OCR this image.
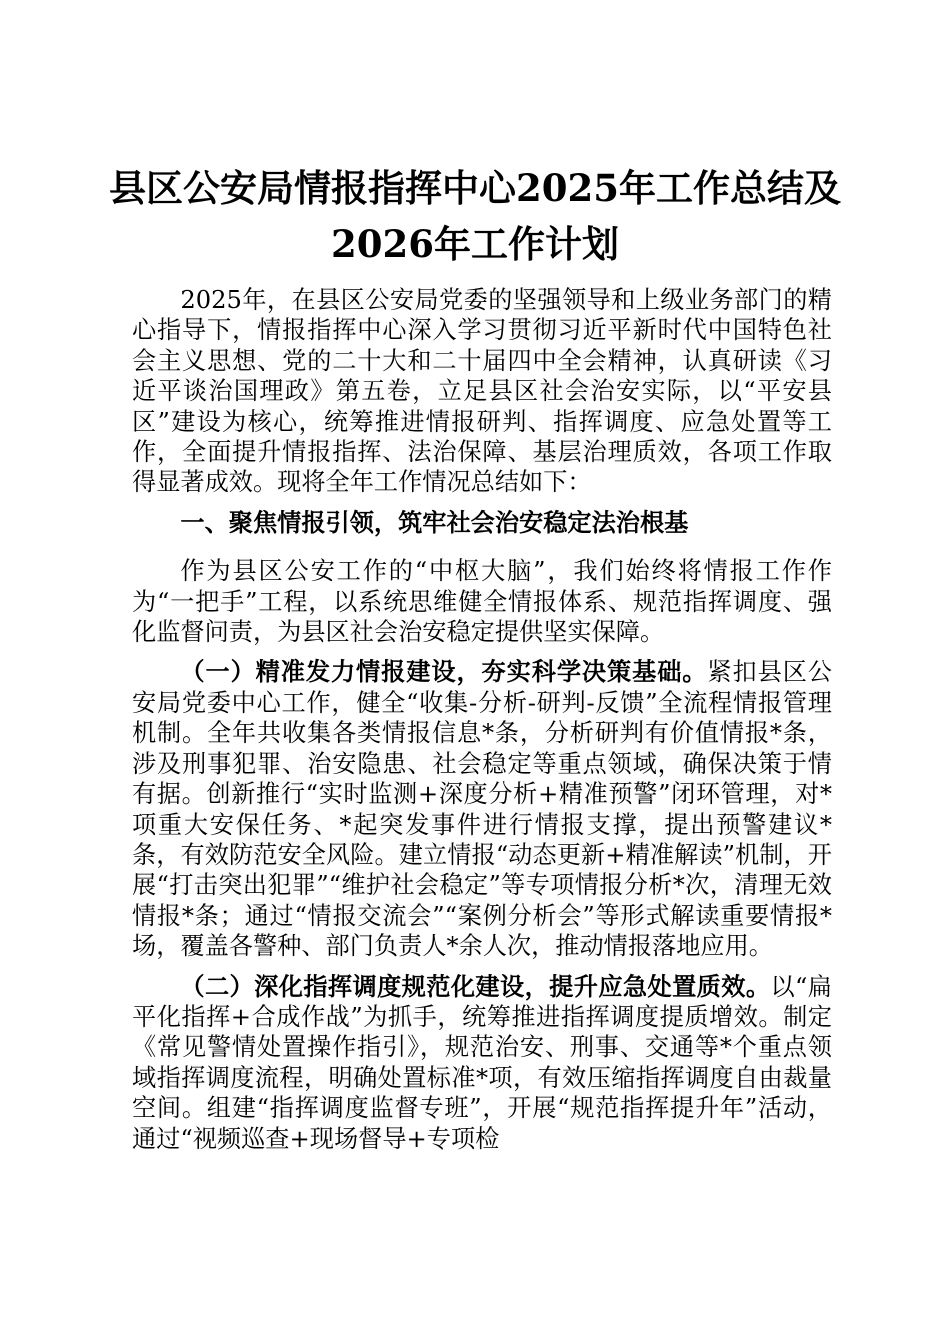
县区公安局情报指挥中心2025年工作总结及
2026年工作计划

2025年，在县区公安局党委的坚强领导和上级业务部门的精心指导下，情报指挥中心深入学习贯彻习近平新时代中国特色社会主义思想、党的二十大和二十届四中全会精神，认真研读《习近平谈治国理政》第五卷，立足县区社会治安实际，以“平安县区”建设为核心，统筹推进情报研判、指挥调度、应急处置等工作，全面提升情报指挥、法治保障、基层治理质效，各项工作取得显著成效。现将全年工作情况总结如下：

一、聚焦情报引领，筑牢社会治安稳定法治根基

作为县区公安工作的“中枢大脑”，我们始终将情报工作作为“一把手”工程，以系统思维健全情报体系、规范指挥调度、强化监督问责，为县区社会治安稳定提供坚实保障。

（一）精准发力情报建设，夯实科学决策基础。紧扣县区公安局党委中心工作，健全“收集-分析-研判-反馈”全流程情报管理机制。全年共收集各类情报信息*条，分析研判有价值情报*条，涉及刑事犯罪、治安隐患、社会稳定等重点领域，确保决策于情有据。创新推行“实时监测+深度分析+精准预警”闭环管理，对*项重大安保任务、*起突发事件进行情报支撑，提出预警建议*条，有效防范安全风险。建立情报“动态更新+精准解读”机制，开展“打击突出犯罪”“维护社会稳定”等专项情报分析*次，清理无效情报*条；通过“情报交流会”“案例分析会”等形式解读重要情报*场，覆盖各警种、部门负责人*余人次，推动情报落地应用。

（二）深化指挥调度规范化建设，提升应急处置质效。以“扁平化指挥+合成作战”为抓手，统筹推进指挥调度提质增效。制定《常见警情处置操作指引》，规范治安、刑事、交通等*个重点领域指挥调度流程，明确处置标准*项，有效压缩指挥调度自由裁量空间。组建“指挥调度监督专班”，开展“规范指挥提升年”活动，通过“视频巡查+现场督导+专项检
